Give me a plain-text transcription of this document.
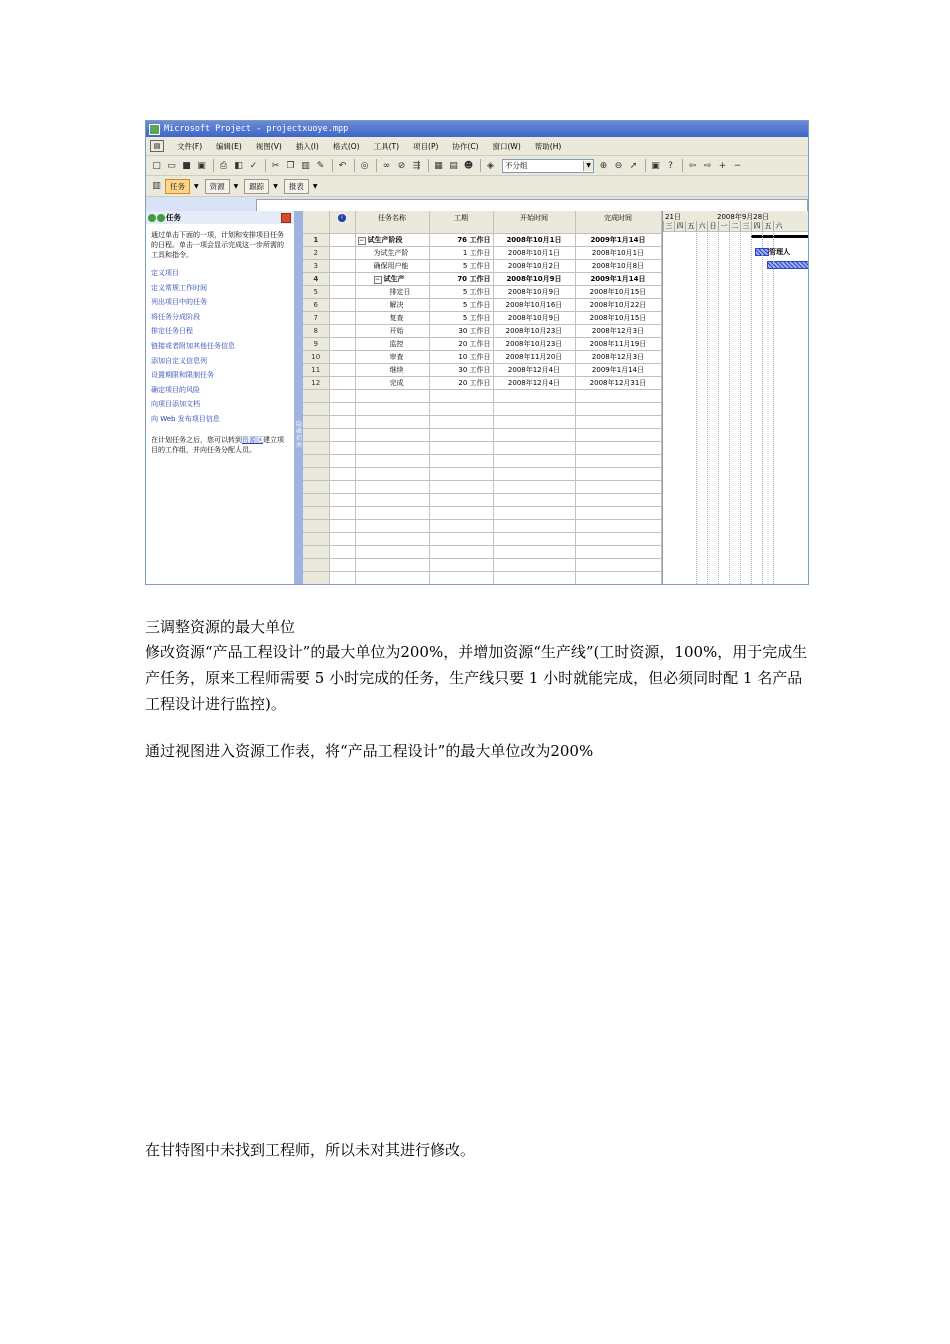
Microsoft Project - projectxuoye.mpp
▤	文件(F)	编辑(E)	视图(V)	插入(I)	格式(O)	工具(T)	项目(P)	协作(C)	窗口(W)	帮助(H)
□ ▭ ■ ▣	⎙ ◧ ✓	✂ ❐ ▥ ✎	↶	◎	∞ ⊘ ⇶	▦ ▤ ☻	◈	不分组	▼ ⊕ ⊖ ➚	▣ ?	⇦ ⇨ + −
▥	任务	▼	资源	▼	跟踪	▼	报表	▼
任务
通过单击下面的一项，计划和安排项目任务的日程。单击一项会显示完成这一步所需的工具和指令。
定义项目
定义常规工作时间
列出项目中的任务
将任务分成阶段
排定任务日程
链接或者附加其他任务信息
添加自定义信息列
设置期限和限制任务
确定项目的风险
向项目添加文档
向 Web 发布项目信息
在计划任务之后，您可以转到资源区建立项目的工作组，并向任务分配人员。
隐藏指南
	i	任务名称	工期	开始时间	完成时间
1		− 试生产阶段	76 工作日	2008年10月1日	2009年1月14日
2		为试生产阶	1 工作日	2008年10月1日	2008年10月1日
3		确保用户能	5 工作日	2008年10月2日	2008年10月8日
4		− 试生产	70 工作日	2008年10月9日	2009年1月14日
5		排定日	5 工作日	2008年10月9日	2008年10月15日
6		解决	5 工作日	2008年10月16日	2008年10月22日
7		复查	5 工作日	2008年10月9日	2008年10月15日
8		开始	30 工作日	2008年10月23日	2008年12月3日
9		监控	20 工作日	2008年10月23日	2008年11月19日
10		审查	10 工作日	2008年11月20日	2008年12月3日
11		继续	30 工作日	2008年12月4日	2009年1月14日
12		完成	20 工作日	2008年12月4日	2008年12月31日

21日	2008年9月28日
三 四 五 六 日 一 二 三 四 五 六
管理人
三调整资源的最大单位
修改资源“产品工程设计”的最大单位为200%，并增加资源“生产线”(工时资源，100%，用于完成生产任务，原来工程师需要 5 小时完成的任务，生产线只要 1 小时就能完成，但必须同时配 1 名产品工程设计进行监控)。
通过视图进入资源工作表，将“产品工程设计”的最大单位改为200%
在甘特图中未找到工程师，所以未对其进行修改。
